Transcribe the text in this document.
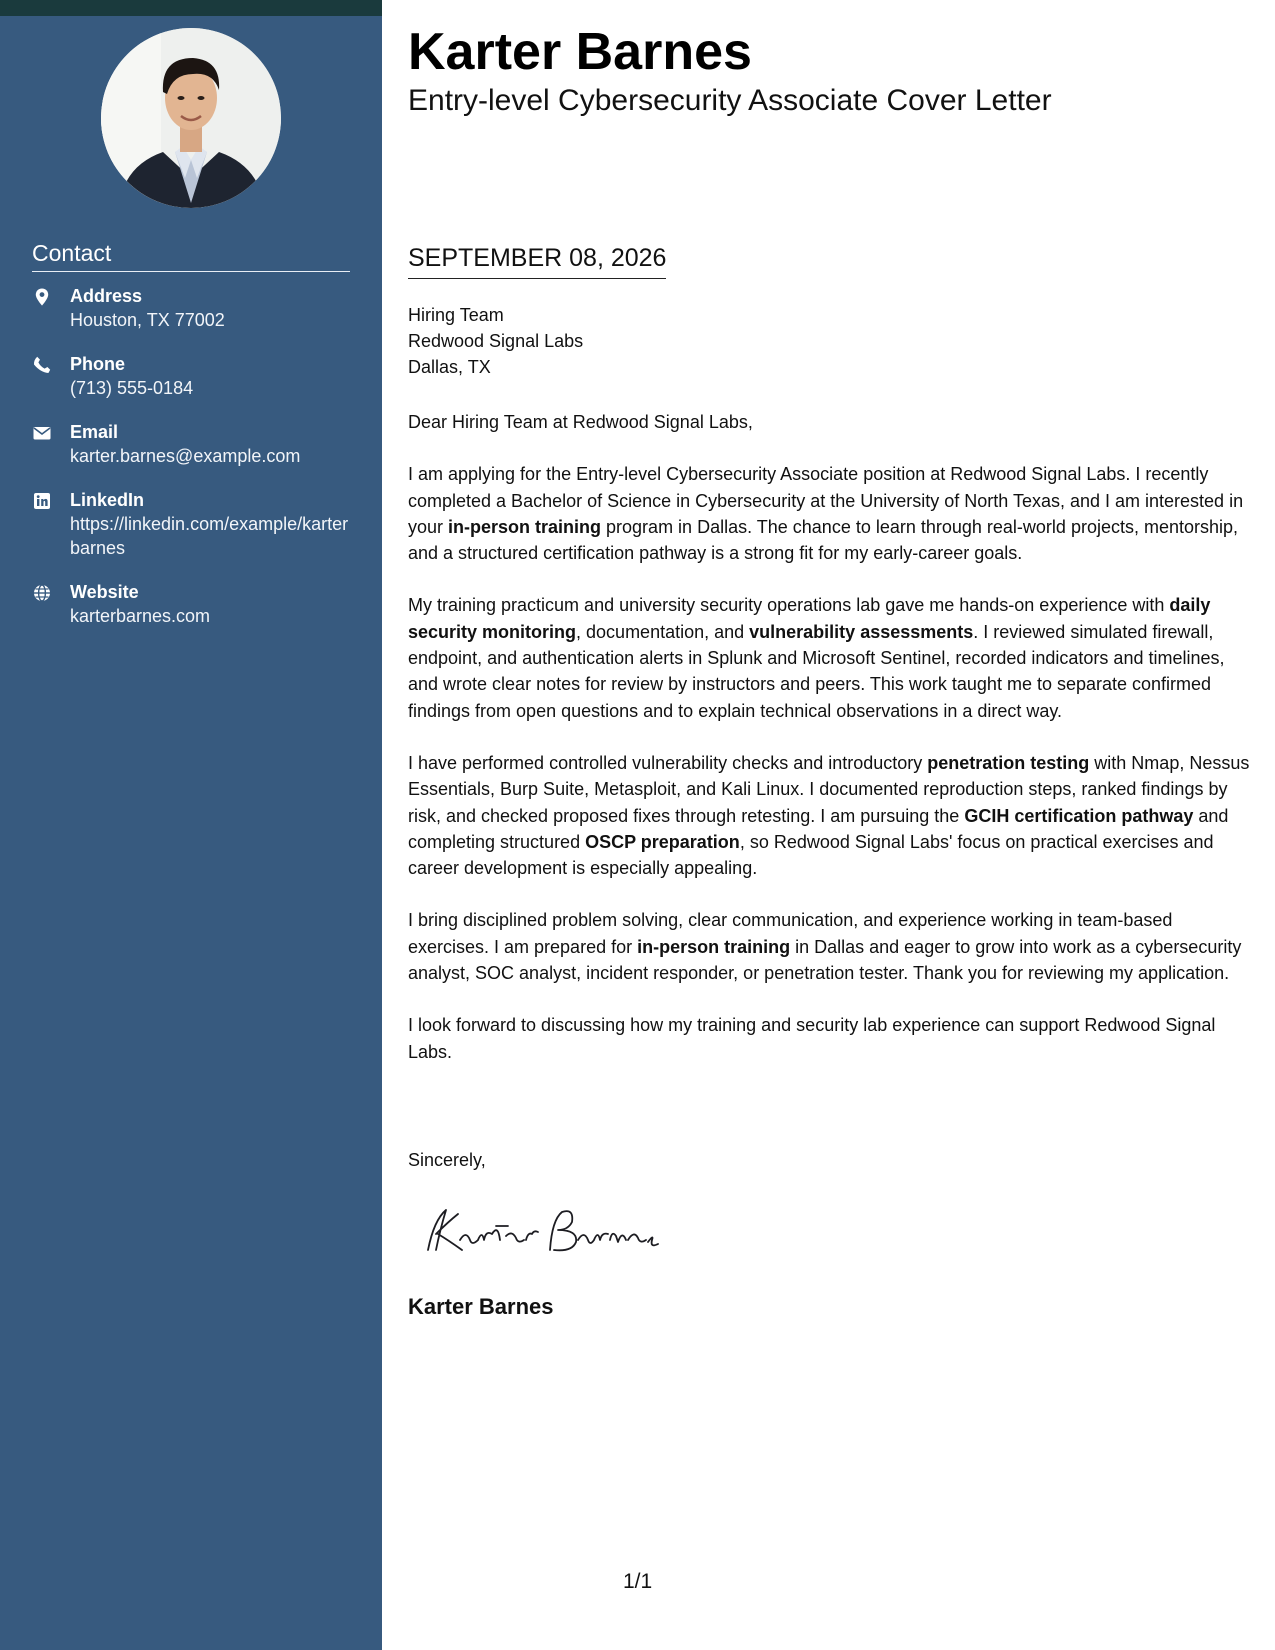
Contact
Address
Houston, TX 77002
Phone
(713) 555-0184
Email
karter.barnes@example.com
LinkedIn
https://linkedin.com/example/karterbarnes
Website
karterbarnes.com
Karter Barnes
Entry-level Cybersecurity Associate Cover Letter
SEPTEMBER 08, 2026
Hiring Team
Redwood Signal Labs
Dallas, TX

Dear Hiring Team at Redwood Signal Labs,

I am applying for the Entry-level Cybersecurity Associate position at Redwood Signal Labs. I recently completed a Bachelor of Science in Cybersecurity at the University of North Texas, and I am interested in your in-person training program in Dallas. The chance to learn through real-world projects, mentorship, and a structured certification pathway is a strong fit for my early-career goals.

My training practicum and university security operations lab gave me hands-on experience with daily security monitoring, documentation, and vulnerability assessments. I reviewed simulated firewall, endpoint, and authentication alerts in Splunk and Microsoft Sentinel, recorded indicators and timelines, and wrote clear notes for review by instructors and peers. This work taught me to separate confirmed findings from open questions and to explain technical observations in a direct way.

I have performed controlled vulnerability checks and introductory penetration testing with Nmap, Nessus Essentials, Burp Suite, Metasploit, and Kali Linux. I documented reproduction steps, ranked findings by risk, and checked proposed fixes through retesting. I am pursuing the GCIH certification pathway and completing structured OSCP preparation, so Redwood Signal Labs' focus on practical exercises and career development is especially appealing.

I bring disciplined problem solving, clear communication, and experience working in team-based exercises. I am prepared for in-person training in Dallas and eager to grow into work as a cybersecurity analyst, SOC analyst, incident responder, or penetration tester. Thank you for reviewing my application.

I look forward to discussing how my training and security lab experience can support Redwood Signal Labs.

Sincerely,
Karter Barnes
1/1
